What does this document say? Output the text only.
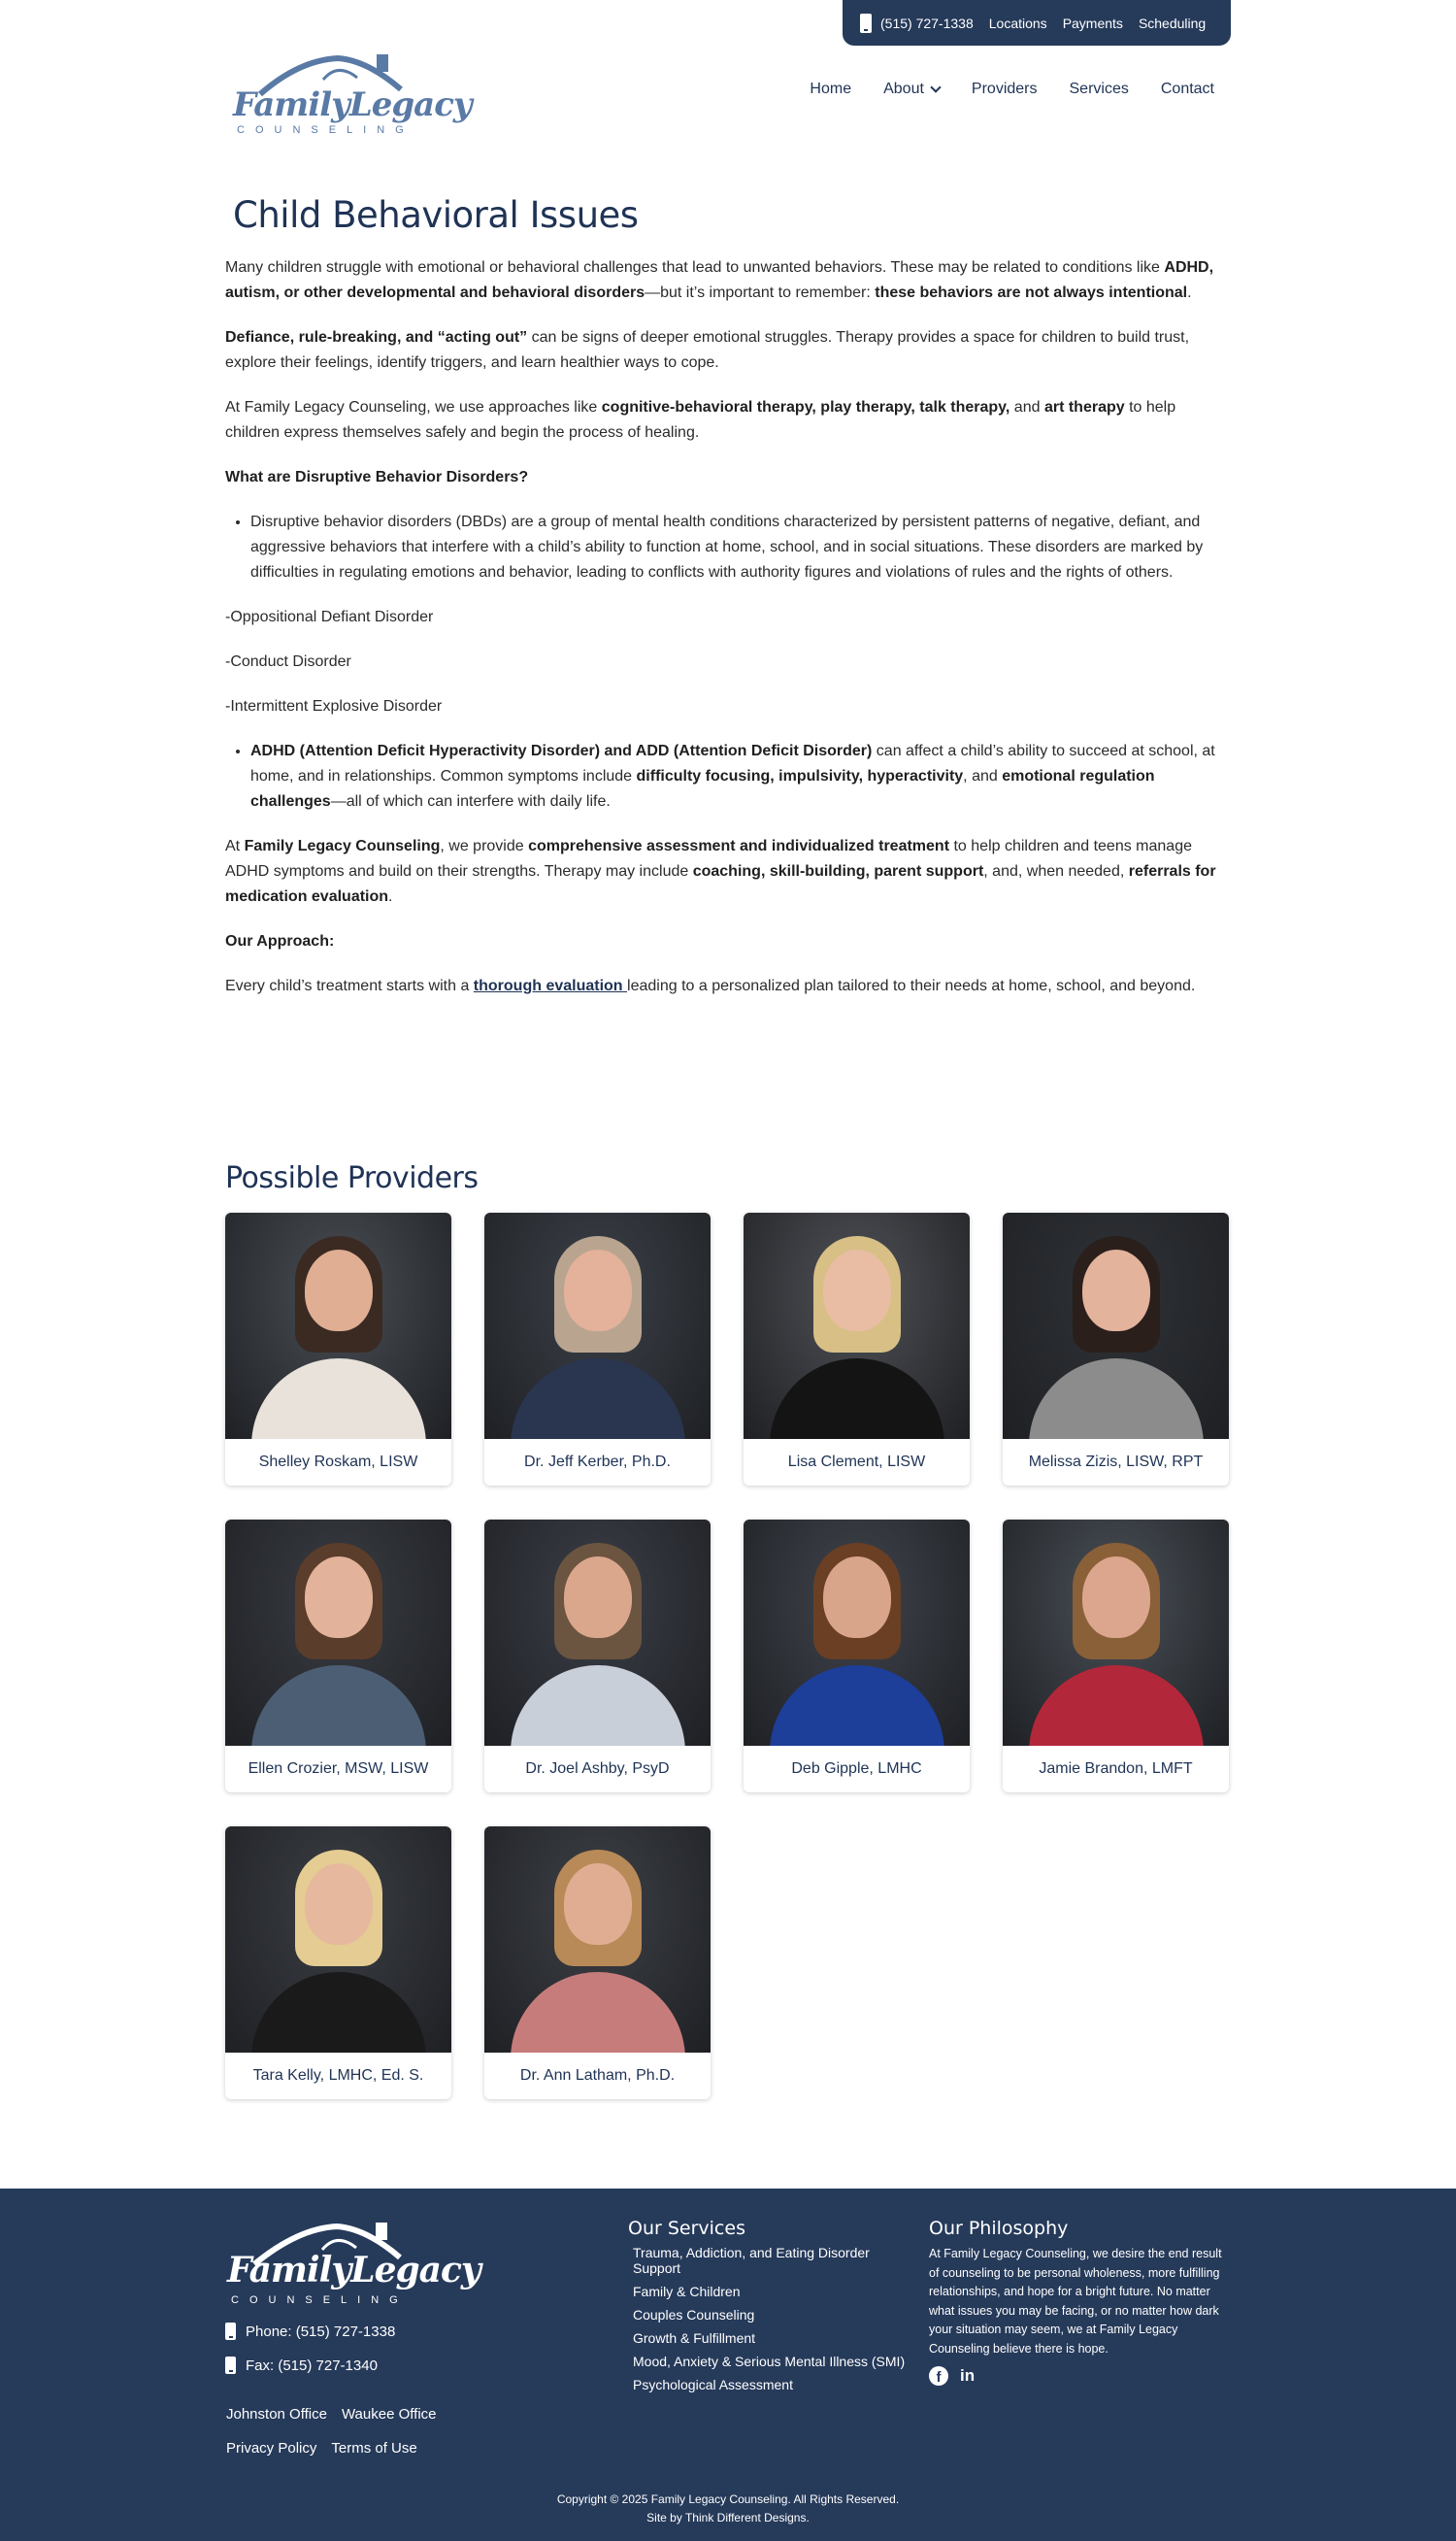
(515) 727-1338 Locations Payments Scheduling
FamilyLegacy
COUNSELING
Home About	Providers Services Contact
Child Behavioral Issues

Many children struggle with emotional or behavioral challenges that lead to unwanted behaviors. These may be related to conditions like ADHD, autism, or other developmental and behavioral disorders—but it’s important to remember: these behaviors are not always intentional.

Defiance, rule-breaking, and “acting out” can be signs of deeper emotional struggles. Therapy provides a space for children to build trust, explore their feelings, identify triggers, and learn healthier ways to cope.

At Family Legacy Counseling, we use approaches like cognitive-behavioral therapy, play therapy, talk therapy, and art therapy to help children express themselves safely and begin the process of healing.

What are Disruptive Behavior Disorders?

• Disruptive behavior disorders (DBDs) are a group of mental health conditions characterized by persistent patterns of negative, defiant, and aggressive behaviors that interfere with a child’s ability to function at home, school, and in social situations. These disorders are marked by difficulties in regulating emotions and behavior, leading to conflicts with authority figures and violations of rules and the rights of others.

-Oppositional Defiant Disorder

-Conduct Disorder

-Intermittent Explosive Disorder

• ADHD (Attention Deficit Hyperactivity Disorder) and ADD (Attention Deficit Disorder) can affect a child’s ability to succeed at school, at home, and in relationships. Common symptoms include difficulty focusing, impulsivity, hyperactivity, and emotional regulation challenges—all of which can interfere with daily life.

At Family Legacy Counseling, we provide comprehensive assessment and individualized treatment to help children and teens manage ADHD symptoms and build on their strengths. Therapy may include coaching, skill-building, parent support, and, when needed, referrals for medication evaluation.

Our Approach:

Every child’s treatment starts with a thorough evaluation leading to a personalized plan tailored to their needs at home, school, and beyond.

Possible Providers
Shelley Roskam, LISW	Dr. Jeff Kerber, Ph.D.	Lisa Clement, LISW	Melissa Zizis, LISW, RPT
Ellen Crozier, MSW, LISW	Dr. Joel Ashby, PsyD	Deb Gipple, LMHC	Jamie Brandon, LMFT
Tara Kelly, LMHC, Ed. S.	Dr. Ann Latham, Ph.D.
FamilyLegacy
COUNSELING
Phone: (515) 727-1338
Fax: (515) 727-1340
Johnston Office Waukee Office
Privacy Policy Terms of Use
Our Services
Trauma, Addiction, and Eating Disorder Support
Family & Children
Couples Counseling
Growth & Fulfillment
Mood, Anxiety & Serious Mental Illness (SMI)
Psychological Assessment
Our Philosophy

At Family Legacy Counseling, we desire the end result of counseling to be personal wholeness, more fulfilling relationships, and hope for a bright future. No matter what issues you may be facing, or no matter how dark your situation may seem, we at Family Legacy Counseling believe there is hope.

f	in
Copyright © 2025 Family Legacy Counseling. All Rights Reserved.
Site by Think Different Designs.
